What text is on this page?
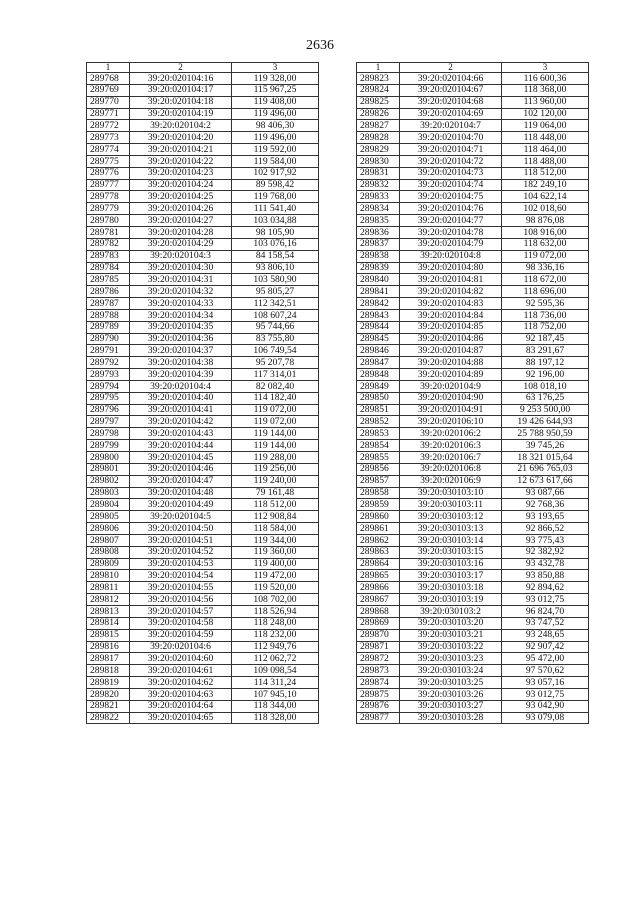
2636
1	2	3
289768	39:20:020104:16	119 328,00
289769	39:20:020104:17	115 967,25
289770	39:20:020104:18	119 408,00
289771	39:20:020104:19	119 496,00
289772	39:20:020104:2	98 406,30
289773	39:20:020104:20	119 496,00
289774	39:20:020104:21	119 592,00
289775	39:20:020104:22	119 584,00
289776	39:20:020104:23	102 917,92
289777	39:20:020104:24	89 598,42
289778	39:20:020104:25	119 768,00
289779	39:20:020104:26	111 541,40
289780	39:20:020104:27	103 034,88
289781	39:20:020104:28	98 105,90
289782	39:20:020104:29	103 076,16
289783	39:20:020104:3	84 158,54
289784	39:20:020104:30	93 806,10
289785	39:20:020104:31	103 580,90
289786	39:20:020104:32	95 805,27
289787	39:20:020104:33	112 342,51
289788	39:20:020104:34	108 607,24
289789	39:20:020104:35	95 744,66
289790	39:20:020104:36	83 755,80
289791	39:20:020104:37	106 749,54
289792	39:20:020104:38	95 207,78
289793	39:20:020104:39	117 314,01
289794	39:20:020104:4	82 082,40
289795	39:20:020104:40	114 182,40
289796	39:20:020104:41	119 072,00
289797	39:20:020104:42	119 072,00
289798	39:20:020104:43	119 144,00
289799	39:20:020104:44	119 144,00
289800	39:20:020104:45	119 288,00
289801	39:20:020104:46	119 256,00
289802	39:20:020104:47	119 240,00
289803	39:20:020104:48	79 161,48
289804	39:20:020104:49	118 512,00
289805	39:20:020104:5	112 908,84
289806	39:20:020104:50	118 584,00
289807	39:20:020104:51	119 344,00
289808	39:20:020104:52	119 360,00
289809	39:20:020104:53	119 400,00
289810	39:20:020104:54	119 472,00
289811	39:20:020104:55	119 520,00
289812	39:20:020104:56	108 702,00
289813	39:20:020104:57	118 526,94
289814	39:20:020104:58	118 248,00
289815	39:20:020104:59	118 232,00
289816	39:20:020104:6	112 949,76
289817	39:20:020104:60	112 062,72
289818	39:20:020104:61	109 098,54
289819	39:20:020104:62	114 311,24
289820	39:20:020104:63	107 945,10
289821	39:20:020104:64	118 344,00
289822	39:20:020104:65	118 328,00
1	2	3
289823	39:20:020104:66	116 600,36
289824	39:20:020104:67	118 368,00
289825	39:20:020104:68	113 960,00
289826	39:20:020104:69	102 120,00
289827	39:20:020104:7	119 064,00
289828	39:20:020104:70	118 448,00
289829	39:20:020104:71	118 464,00
289830	39:20:020104:72	118 488,00
289831	39:20:020104:73	118 512,00
289832	39:20:020104:74	182 249,10
289833	39:20:020104:75	104 622,14
289834	39:20:020104:76	102 018,60
289835	39:20:020104:77	98 876,08
289836	39:20:020104:78	108 916,00
289837	39:20:020104:79	118 632,00
289838	39:20:020104:8	119 072,00
289839	39:20:020104:80	98 336,16
289840	39:20:020104:81	118 672,00
289841	39:20:020104:82	118 696,00
289842	39:20:020104:83	92 595,36
289843	39:20:020104:84	118 736,00
289844	39:20:020104:85	118 752,00
289845	39:20:020104:86	92 187,45
289846	39:20:020104:87	83 291,67
289847	39:20:020104:88	88 197,12
289848	39:20:020104:89	92 196,00
289849	39:20:020104:9	108 018,10
289850	39:20:020104:90	63 176,25
289851	39:20:020104:91	9 253 500,00
289852	39:20:020106:10	19 426 644,93
289853	39:20:020106:2	25 788 950,59
289854	39:20:020106:3	39 745,26
289855	39:20:020106:7	18 321 015,64
289856	39:20:020106:8	21 696 765,03
289857	39:20:020106:9	12 673 617,66
289858	39:20:030103:10	93 087,66
289859	39:20:030103:11	92 768,36
289860	39:20:030103:12	93 193,65
289861	39:20:030103:13	92 866,52
289862	39:20:030103:14	93 775,43
289863	39:20:030103:15	92 382,92
289864	39:20:030103:16	93 432,78
289865	39:20:030103:17	93 850,88
289866	39:20:030103:18	92 894,62
289867	39:20:030103:19	93 012,75
289868	39:20:030103:2	96 824,70
289869	39:20:030103:20	93 747,52
289870	39:20:030103:21	93 248,65
289871	39:20:030103:22	92 907,42
289872	39:20:030103:23	95 472,00
289873	39:20:030103:24	97 570,62
289874	39:20:030103:25	93 057,16
289875	39:20:030103:26	93 012,75
289876	39:20:030103:27	93 042,90
289877	39:20:030103:28	93 079,08
